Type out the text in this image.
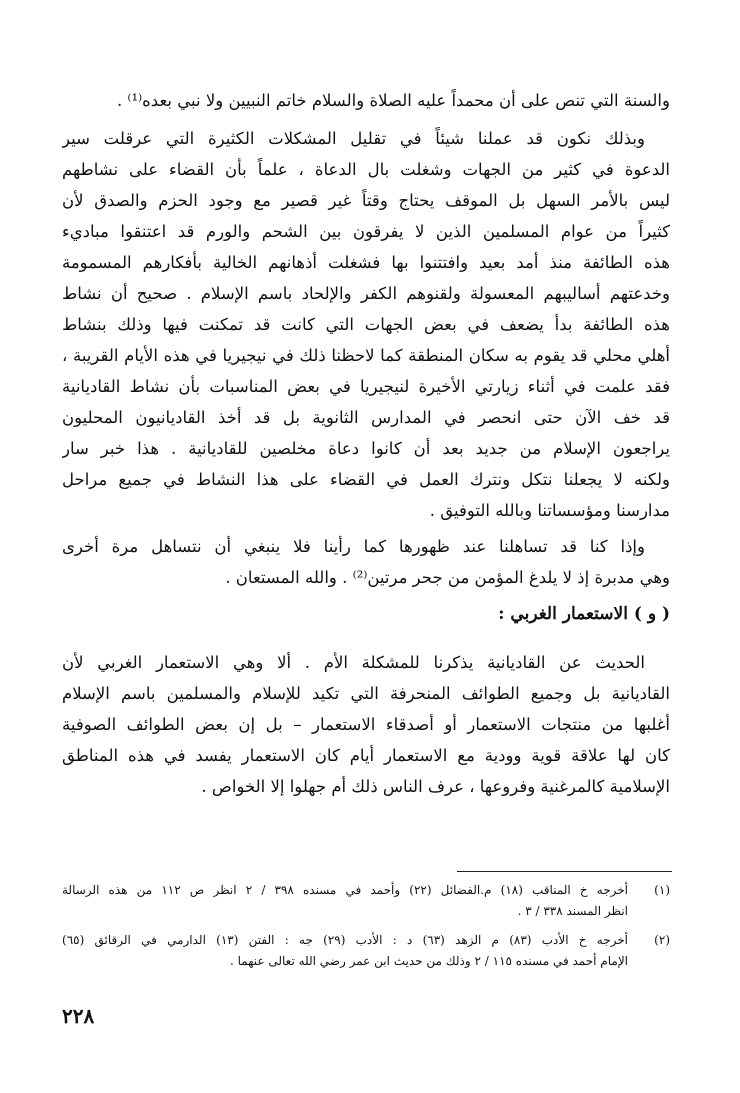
والسنة التي تنص على أن محمداً عليه الصلاة والسلام خاتم النبيين ولا نبي بعده⁽¹⁾ .
وبذلك نكون قد عملنا شيئاً في تقليل المشكلات الكثيرة التي عرقلت سير
الدعوة في كثير من الجهات وشغلت بال الدعاة ، علماً بأن القضاء على نشاطهم
ليس بالأمر السهل بل الموقف يحتاج وقتاً غير قصير مع وجود الحزم والصدق لأن
كثيراً من عوام المسلمين الذين لا يفرقون بين الشحم والورم قد اعتنقوا مباديء
هذه الطائفة منذ أمد بعيد وافتتنوا بها فشغلت أذهانهم الخالية بأفكارهم المسمومة
وخدعتهم أساليبهم المعسولة ولقنوهم الكفر والإلحاد باسم الإسلام . صحيح أن نشاط
هذه الطائفة بدأ يضعف في بعض الجهات التي كانت قد تمكنت فيها وذلك بنشاط
أهلي محلي قد يقوم به سكان المنطقة كما لاحظنا ذلك في نيجيريا في هذه الأيام القريبة ،
فقد علمت في أثناء زيارتي الأخيرة لنيجيريا في بعض المناسبات بأن نشاط القاديانية
قد خف الآن حتى انحصر في المدارس الثانوية بل قد أخذ القاديانيون المحليون
يراجعون الإسلام من جديد بعد أن كانوا دعاة مخلصين للقاديانية . هذا خبر سار
ولكنه لا يجعلنا نتكل ونترك العمل في القضاء على هذا النشاط في جميع مراحل
مدارسنا ومؤسساتنا وبالله التوفيق .
وإذا كنا قد تساهلنا عند ظهورها كما رأينا فلا ينبغي أن نتساهل مرة أخرى
وهي مدبرة إذ لا يلدغ المؤمن من جحر مرتين⁽²⁾ . والله المستعان .
( و ) الاستعمار الغربي :
الحديث عن القاديانية يذكرنا للمشكلة الأم . ألا وهي الاستعمار الغربي لأن
القاديانية بل وجميع الطوائف المنحرفة التي تكيد للإسلام والمسلمين باسم الإسلام
أغلبها من منتجات الاستعمار أو أصدقاء الاستعمار – بل إن بعض الطوائف الصوفية
كان لها علاقة قوية وودية مع الاستعمار أيام كان الاستعمار يفسد في هذه المناطق
الإسلامية كالمرغنية وفروعها ، عرف الناس ذلك أم جهلوا إلا الخواص .
(١)
أخرجه خ المناقب (١٨) م.الفضائل (٢٢) وأحمد في مسنده ٣٩٨ / ٢ انظر ص ١١٢ من هذه الرسالة
انظر المسند ٣٣٨ / ٣ .
(٢)
أخرجه خ الأدب (٨٣) م الزهد (٦٣) د : الأدب (٢٩) جه : الفتن (١٣) الدارمي في الرقائق (٦٥)
الإمام أحمد في مسنده ١١٥ / ٢ وذلك من حديث ابن عمر رضي الله تعالى عنهما .
٢٢٨
